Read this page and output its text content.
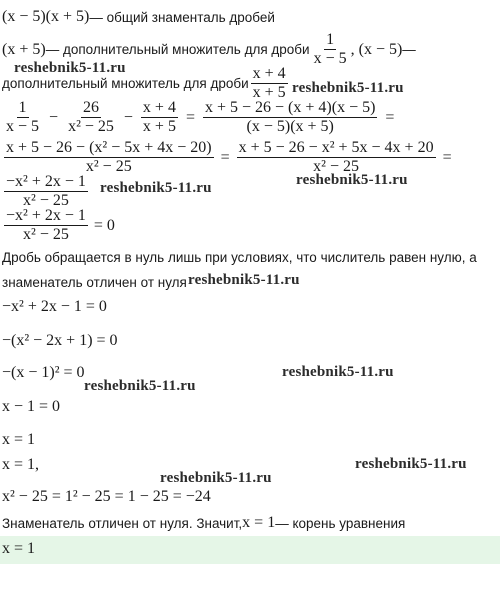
(x − 5)(x + 5) — общий знаменталь дробей
(x + 5) — дополнительный множитель для дроби $\frac{1}{x - 5}$ , (x − 5) —
дополнительный множитель для дроби $\frac{x + 4}{x + 5}$ reshebnik5-11.ru
reshebnik5-11.ru
$\frac{1}{x - 5} - \frac{26}{\text{x² − 25}} - \frac{x + 4}{x + 5} = \frac{x + 5 - 26 - (x + 4)(x - 5)}{(x - 5)(x + 5)}$ =
$\frac{\text{x + 5 − 26 − (x² − 5x + 4x − 20)}}{\text{x² − 25}} = \frac{\text{x + 5 − 26 − x² + 5x − 4x + 20}}{\text{x² − 25}}$ =
reshebnik5-11.ru
$\frac{\text{−x² + 2x − 1}}{\text{x² − 25}}$ reshebnik5-11.ru
$\frac{\text{−x² + 2x − 1}}{\text{x² − 25}} = 0$
Дробь обращается в нуль лишь при условиях, что числитель равен нулю, а
знаменатель отличен от нуля reshebnik5-11.ru
−x² + 2x − 1 = 0
−(x² − 2x + 1) = 0
−(x − 1)² = 0
reshebnik5-11.ru
reshebnik5-11.ru
x − 1 = 0
x = 1
x = 1,	reshebnik5-11.ru
reshebnik5-11.ru
x² − 25 = 1² − 25 = 1 − 25 = −24
Знаменатель отличен от нуля. Значит, x = 1 — корень уравнения
x = 1
